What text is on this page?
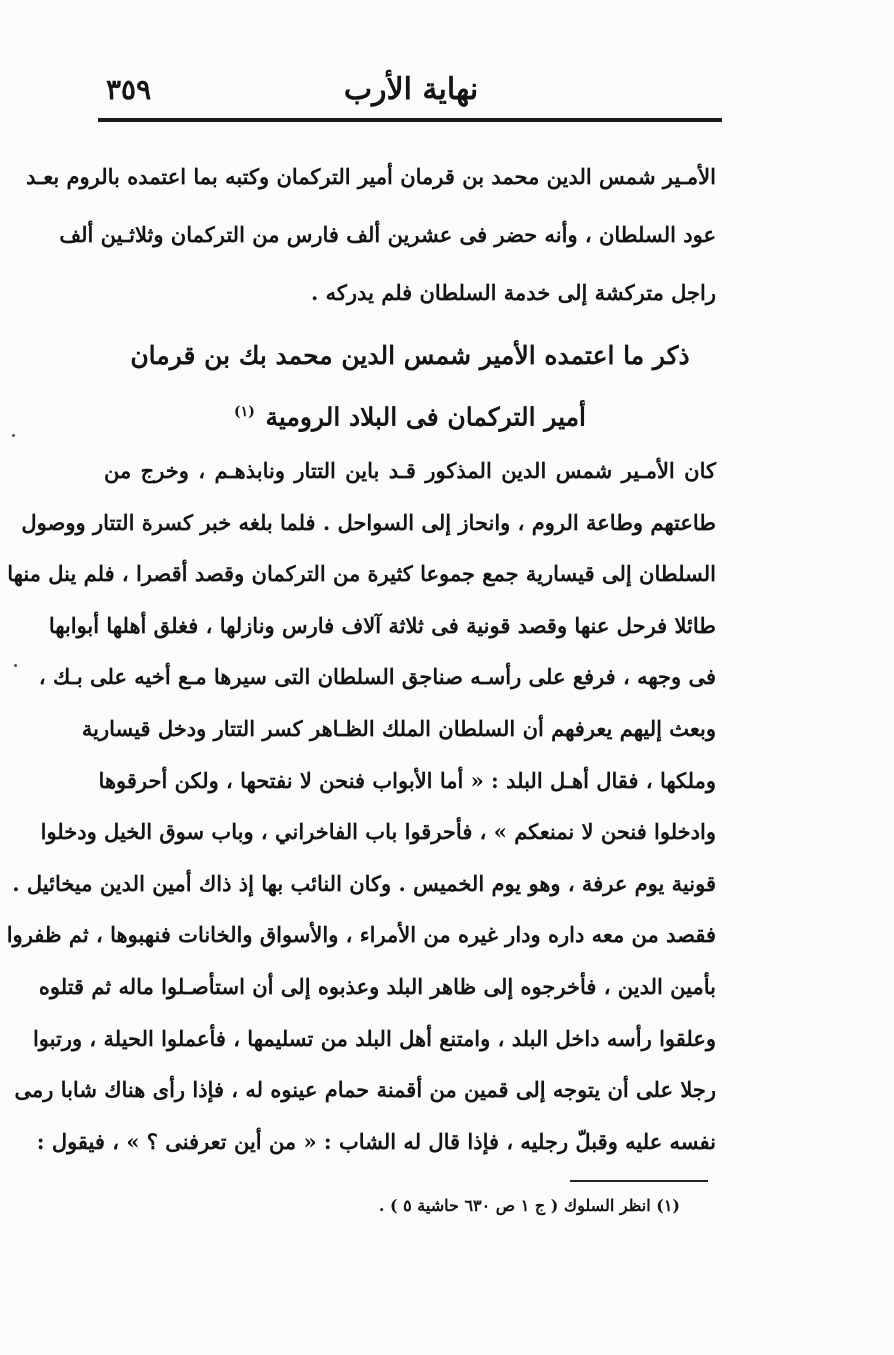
نهاية الأرب
٣٥٩
الأمـير شمس الدين محمد بن قرمان أمير التركمان وكتبه بما اعتمده بالروم بعـد
عود السلطان ، وأنه حضر فى عشرين ألف فارس من التركمان وثلاثـين ألف
راجل متركشة إلى خدمة السلطان فلم يدركه .
ذكر ما اعتمده الأمير شمس الدين محمد بك بن قرمان
أمير التركمان فى البلاد الرومية $^{(١)}$
كان الأمـير شمس الدين المذكور قـد باين التتار ونابذهـم ، وخرج من
طاعتهم وطاعة الروم ، وانحاز إلى السواحل . فلما بلغه خبر كسرة التتار ووصول
السلطان إلى قيسارية جمع جموعا كثيرة من التركمان وقصد أقصرا ، فلم ينل منها
طائلا فرحل عنها وقصد قونية فى ثلاثة آلاف فارس ونازلها ، فغلق أهلها أبوابها
فى وجهه ، فرفع على رأسـه صناجق السلطان التى سيرها مـع أخيه على بـك ،
وبعث إليهم يعرفهم أن السلطان الملك الظـاهر كسر التتار ودخل قيسارية
وملكها ، فقال أهـل البلد : « أما الأبواب فنحن لا نفتحها ، ولكن أحرقوها
وادخلوا فنحن لا نمنعكم » ، فأحرقوا باب الفاخراني ، وباب سوق الخيل ودخلوا
قونية يوم عرفة ، وهو يوم الخميس . وكان النائب بها إذ ذاك أمين الدين ميخائيل .
فقصد من معه داره ودار غيره من الأمراء ، والأسواق والخانات فنهبوها ، ثم ظفروا
بأمين الدين ، فأخرجوه إلى ظاهر البلد وعذبوه إلى أن استأصـلوا ماله ثم قتلوه
وعلقوا رأسه داخل البلد ، وامتنع أهل البلد من تسليمها ، فأعملوا الحيلة ، ورتبوا
رجلا على أن يتوجه إلى قمين من أقمنة حمام عينوه له ، فإذا رأى هناك شابا رمى
نفسه عليه وقبلّ رجليه ، فإذا قال له الشاب : « من أين تعرفنى ؟ » ، فيقول :
(١) انظر السلوك ( ج ١ ص ٦٣٠ حاشية ٥ ) .
